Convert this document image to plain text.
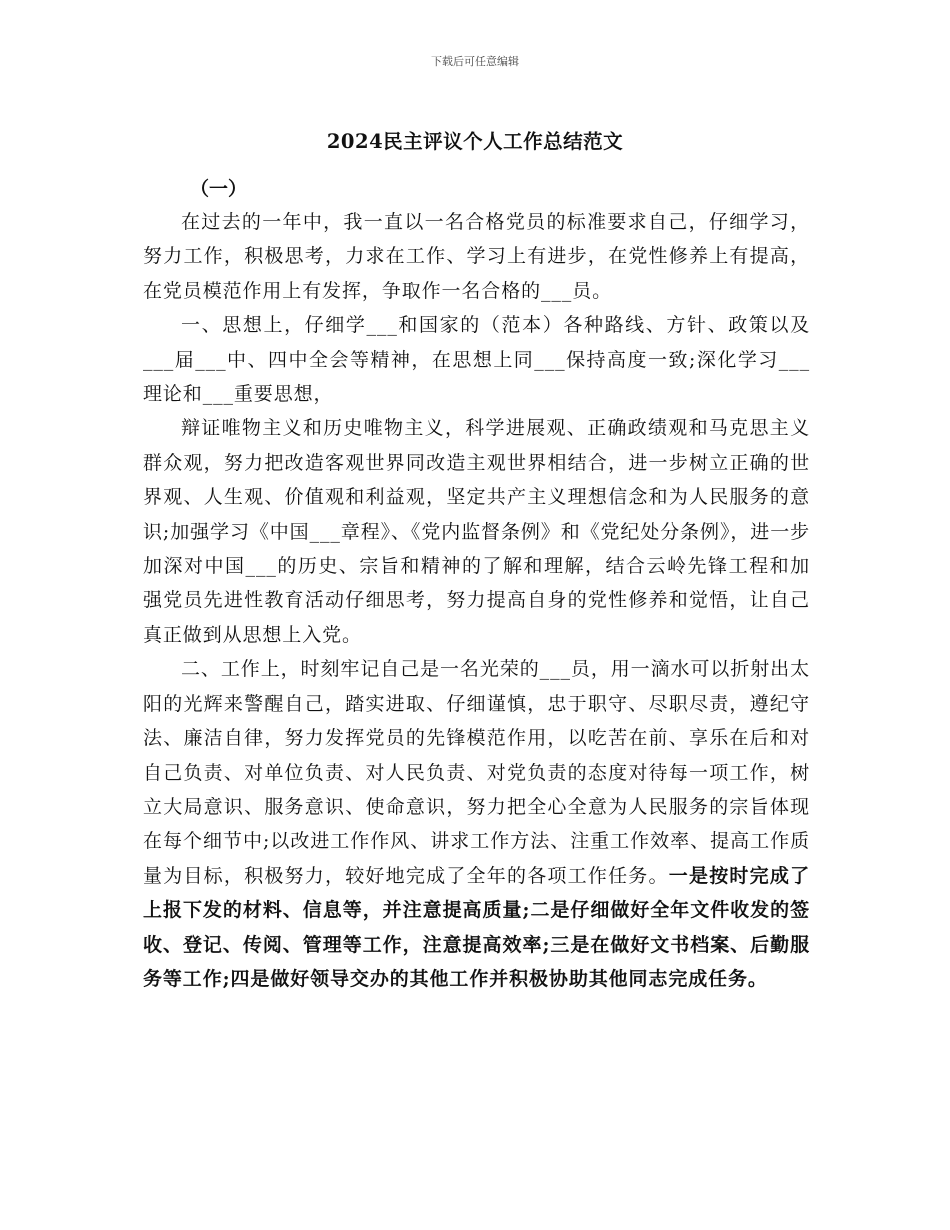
下载后可任意编辑
2024民主评议个人工作总结范文
（一）

在过去的一年中，我一直以一名合格党员的标准要求自己，仔细学习，努力工作，积极思考，力求在工作、学习上有进步，在党性修养上有提高，在党员模范作用上有发挥，争取作一名合格的___员。

一、思想上，仔细学___和国家的（范本）各种路线、方针、政策以及___届___中、四中全会等精神，在思想上同___保持高度一致;深化学习___理论和___重要思想，

辩证唯物主义和历史唯物主义，科学进展观、正确政绩观和马克思主义群众观，努力把改造客观世界同改造主观世界相结合，进一步树立正确的世界观、人生观、价值观和利益观，坚定共产主义理想信念和为人民服务的意识;加强学习《中国___章程》、《党内监督条例》和《党纪处分条例》，进一步加深对中国___的历史、宗旨和精神的了解和理解，结合云岭先锋工程和加强党员先进性教育活动仔细思考，努力提高自身的党性修养和觉悟，让自己真正做到从思想上入党。

二、工作上，时刻牢记自己是一名光荣的___员，用一滴水可以折射出太阳的光辉来警醒自己，踏实进取、仔细谨慎，忠于职守、尽职尽责，遵纪守法、廉洁自律，努力发挥党员的先锋模范作用，以吃苦在前、享乐在后和对自己负责、对单位负责、对人民负责、对党负责的态度对待每一项工作，树立大局意识、服务意识、使命意识，努力把全心全意为人民服务的宗旨体现在每个细节中;以改进工作作风、讲求工作方法、注重工作效率、提高工作质量为目标，积极努力，较好地完成了全年的各项工作任务。一是按时完成了上报下发的材料、信息等，并注意提高质量;二是仔细做好全年文件收发的签收、登记、传阅、管理等工作，注意提高效率;三是在做好文书档案、后勤服务等工作;四是做好领导交办的其他工作并积极协助其他同志完成任务。
